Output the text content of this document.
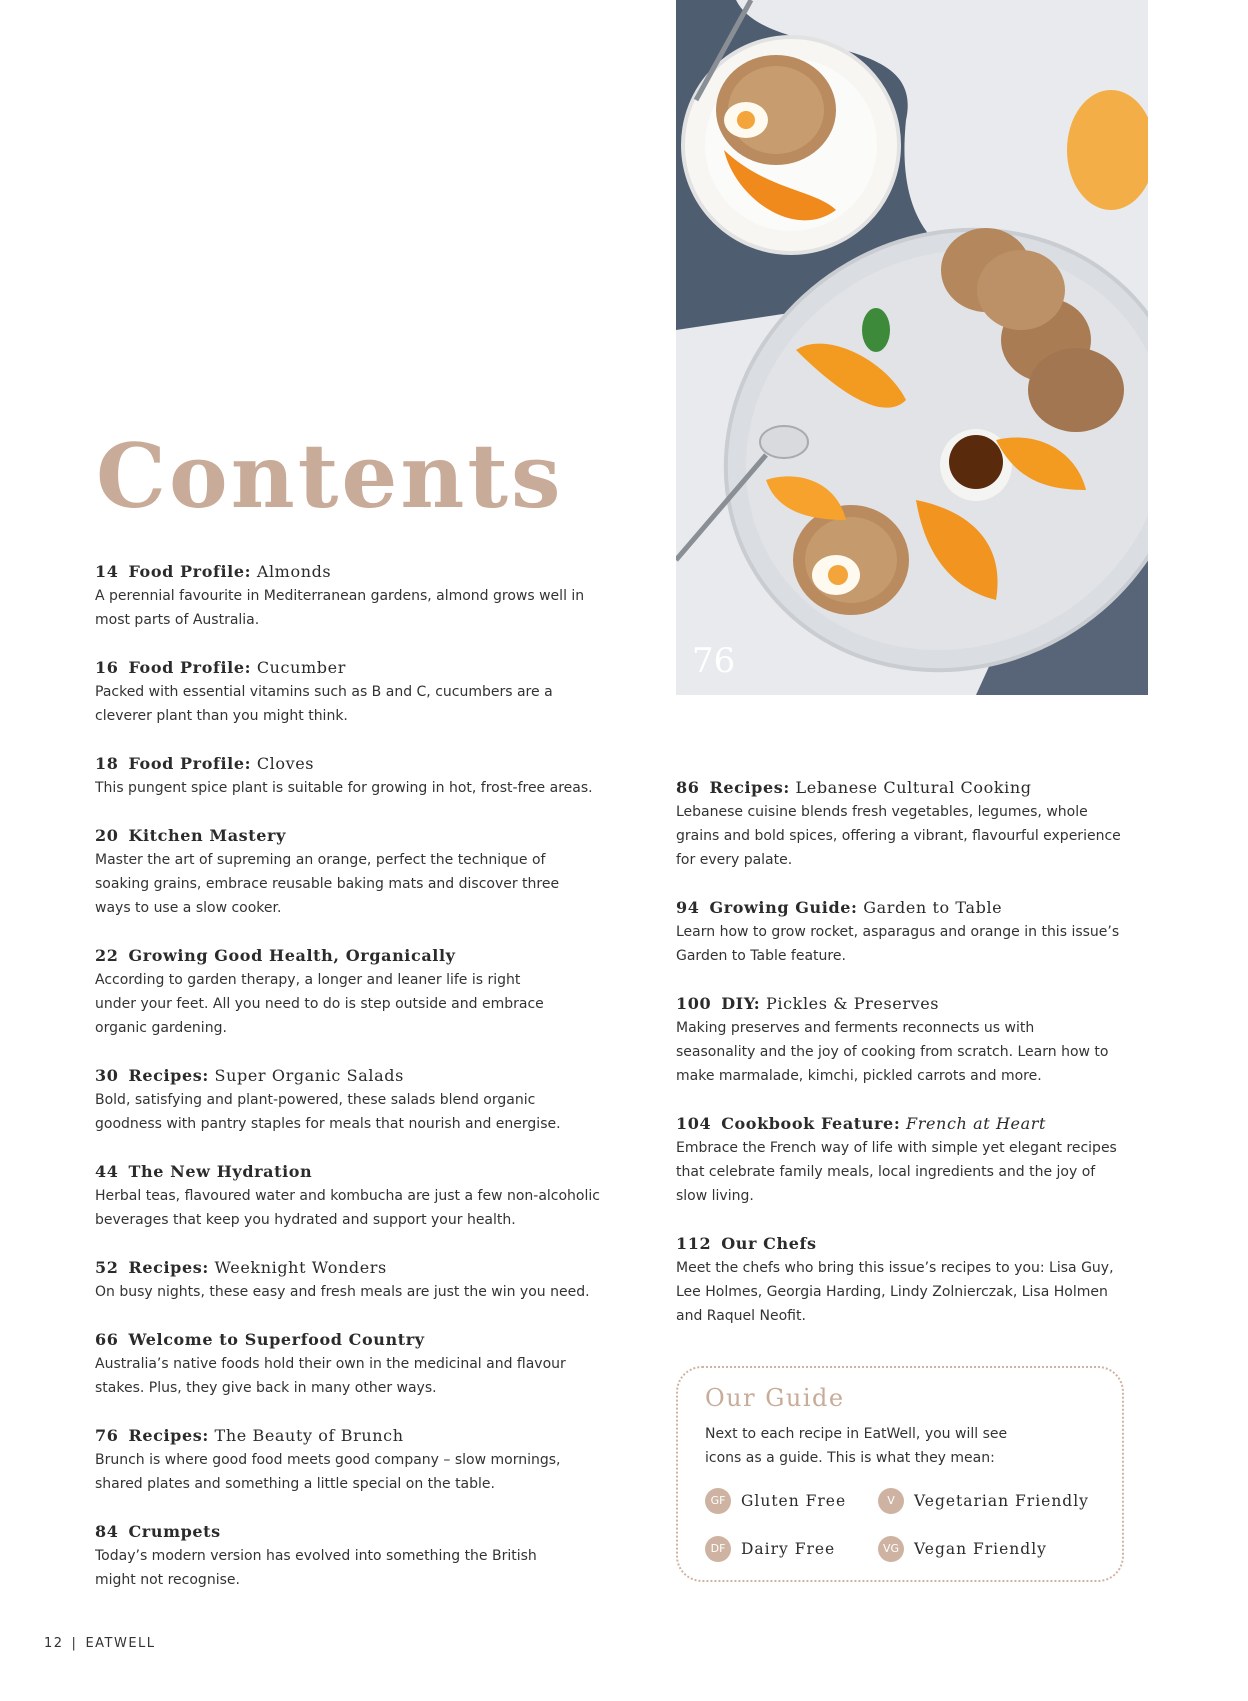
Contents
76
14 Food Profile: Almonds
A perennial favourite in Mediterranean gardens, almond grows well in
most parts of Australia.
16 Food Profile: Cucumber
Packed with essential vitamins such as B and C, cucumbers are a
cleverer plant than you might think.
18 Food Profile: Cloves
This pungent spice plant is suitable for growing in hot, frost-free areas.
20 Kitchen Mastery
Master the art of supreming an orange, perfect the technique of
soaking grains, embrace reusable baking mats and discover three
ways to use a slow cooker.
22 Growing Good Health, Organically
According to garden therapy, a longer and leaner life is right
under your feet. All you need to do is step outside and embrace
organic gardening.
30 Recipes: Super Organic Salads
Bold, satisfying and plant-powered, these salads blend organic
goodness with pantry staples for meals that nourish and energise.
44 The New Hydration
Herbal teas, flavoured water and kombucha are just a few non-alcoholic
beverages that keep you hydrated and support your health.
52 Recipes: Weeknight Wonders
On busy nights, these easy and fresh meals are just the win you need.
66 Welcome to Superfood Country
Australia’s native foods hold their own in the medicinal and flavour
stakes. Plus, they give back in many other ways.
76 Recipes: The Beauty of Brunch
Brunch is where good food meets good company – slow mornings,
shared plates and something a little special on the table.
84 Crumpets
Today’s modern version has evolved into something the British
might not recognise.
86 Recipes: Lebanese Cultural Cooking
Lebanese cuisine blends fresh vegetables, legumes, whole
grains and bold spices, offering a vibrant, flavourful experience
for every palate.
94 Growing Guide: Garden to Table
Learn how to grow rocket, asparagus and orange in this issue’s
Garden to Table feature.
100 DIY: Pickles & Preserves
Making preserves and ferments reconnects us with
seasonality and the joy of cooking from scratch. Learn how to
make marmalade, kimchi, pickled carrots and more.
104 Cookbook Feature: French at Heart
Embrace the French way of life with simple yet elegant recipes
that celebrate family meals, local ingredients and the joy of
slow living.
112 Our Chefs
Meet the chefs who bring this issue’s recipes to you: Lisa Guy,
Lee Holmes, Georgia Harding, Lindy Zolnierczak, Lisa Holmen
and Raquel Neofit.
Our Guide
Next to each recipe in EatWell, you will see
icons as a guide. This is what they mean:
GF	Gluten Free	V	Vegetarian Friendly
DF	Dairy Free	VG Vegan Friendly
12 | EATWELL
